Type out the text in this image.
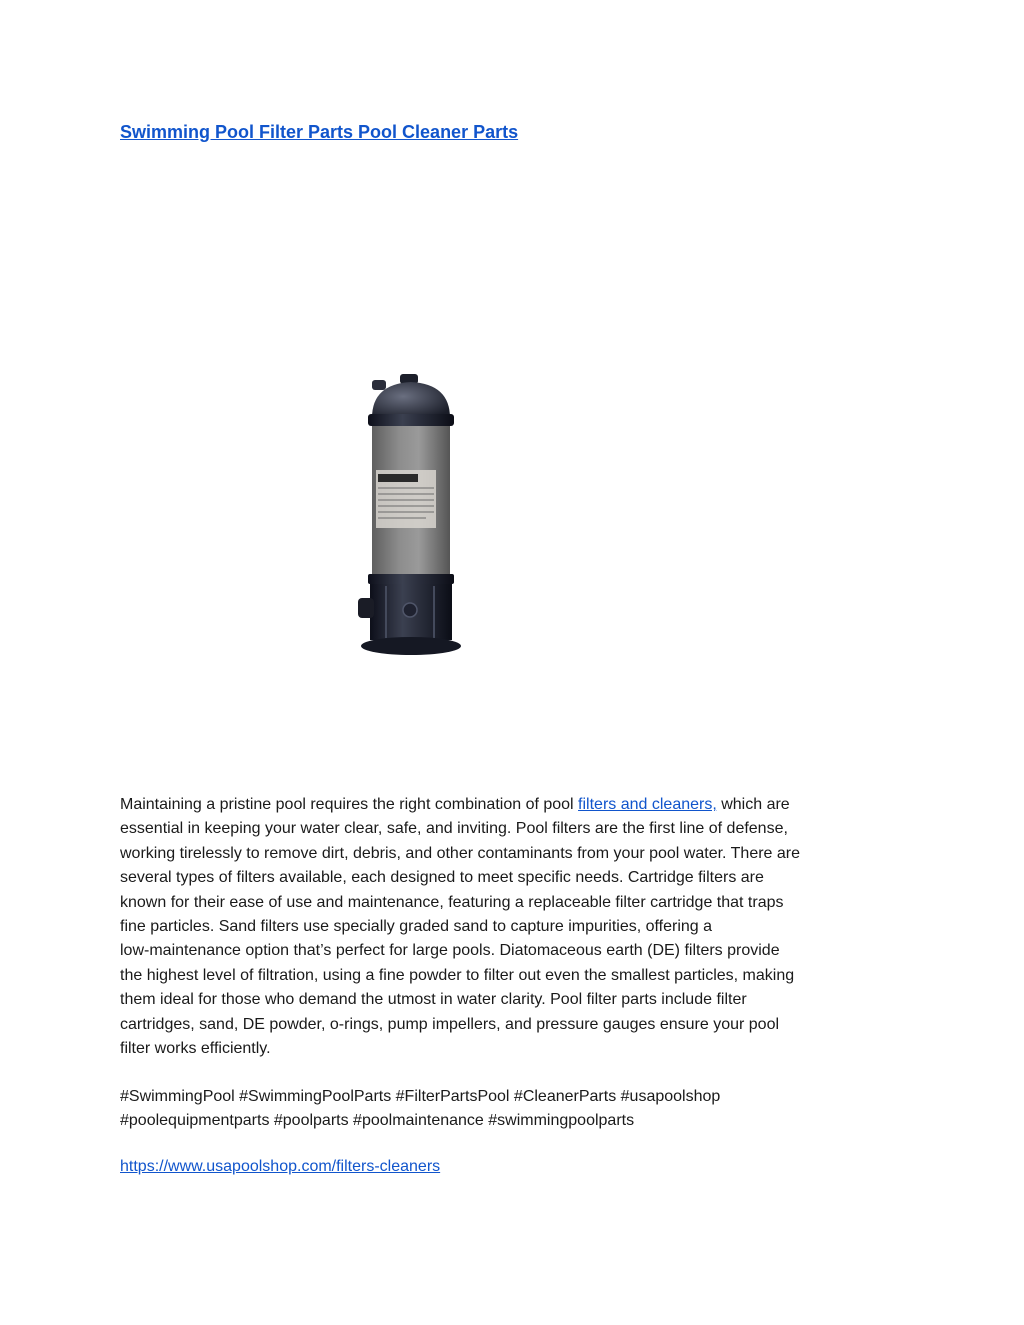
Swimming Pool Filter Parts Pool Cleaner Parts

Maintaining a pristine pool requires the right combination of pool filters and cleaners, which are
essential in keeping your water clear, safe, and inviting. Pool filters are the first line of defense,
working tirelessly to remove dirt, debris, and other contaminants from your pool water. There are
several types of filters available, each designed to meet specific needs. Cartridge filters are
known for their ease of use and maintenance, featuring a replaceable filter cartridge that traps
fine particles. Sand filters use specially graded sand to capture impurities, offering a
low-maintenance option that’s perfect for large pools. Diatomaceous earth (DE) filters provide
the highest level of filtration, using a fine powder to filter out even the smallest particles, making
them ideal for those who demand the utmost in water clarity. Pool filter parts include filter
cartridges, sand, DE powder, o-rings, pump impellers, and pressure gauges ensure your pool
filter works efficiently.

#SwimmingPool #SwimmingPoolParts #FilterPartsPool #CleanerParts #usapoolshop
#poolequipmentparts #poolparts #poolmaintenance #swimmingpoolparts

https://www.usapoolshop.com/filters-cleaners
